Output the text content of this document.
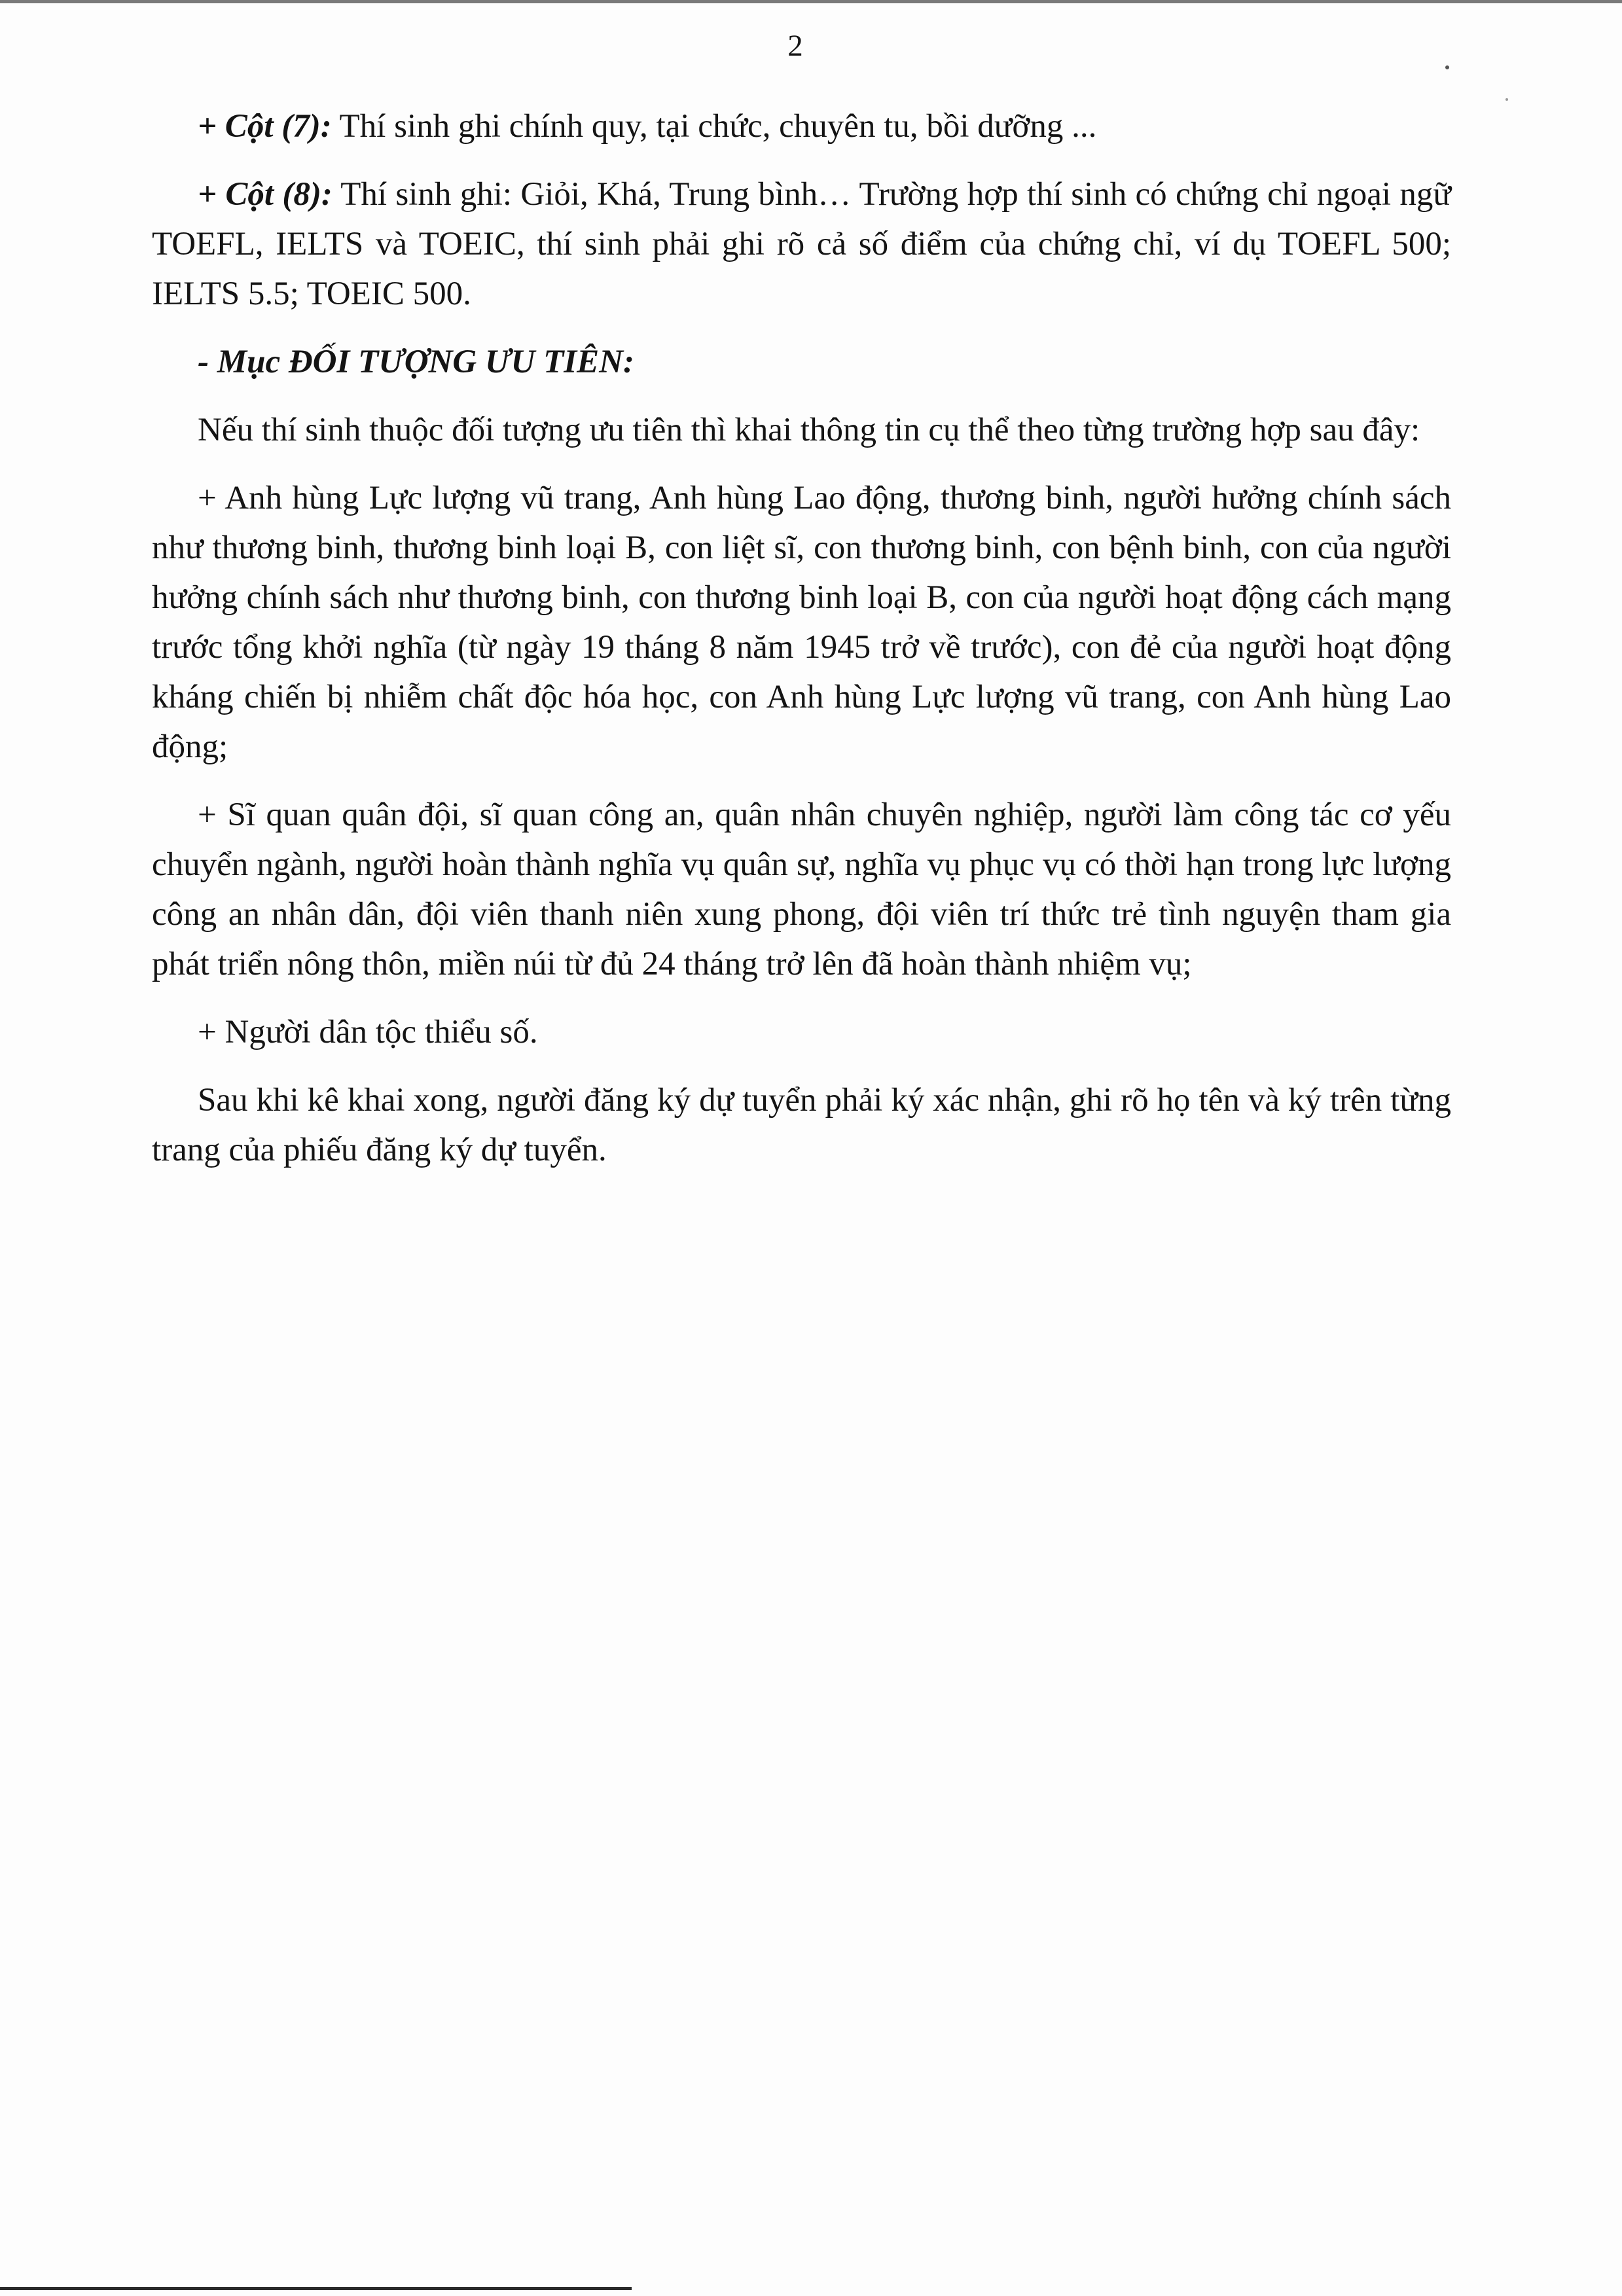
2

+ Cột (7): Thí sinh ghi chính quy, tại chức, chuyên tu, bồi dưỡng ...

+ Cột (8): Thí sinh ghi: Giỏi, Khá, Trung bình… Trường hợp thí sinh có chứng chỉ ngoại ngữ TOEFL, IELTS và TOEIC, thí sinh phải ghi rõ cả số điểm của chứng chỉ, ví dụ TOEFL 500; IELTS 5.5; TOEIC 500.

- Mục ĐỐI TƯỢNG ƯU TIÊN:

Nếu thí sinh thuộc đối tượng ưu tiên thì khai thông tin cụ thể theo từng trường hợp sau đây:

+ Anh hùng Lực lượng vũ trang, Anh hùng Lao động, thương binh, người hưởng chính sách như thương binh, thương binh loại B, con liệt sĩ, con thương binh, con bệnh binh, con của người hưởng chính sách như thương binh, con thương binh loại B, con của người hoạt động cách mạng trước tổng khởi nghĩa (từ ngày 19 tháng 8 năm 1945 trở về trước), con đẻ của người hoạt động kháng chiến bị nhiễm chất độc hóa học, con Anh hùng Lực lượng vũ trang, con Anh hùng Lao động;

+ Sĩ quan quân đội, sĩ quan công an, quân nhân chuyên nghiệp, người làm công tác cơ yếu chuyển ngành, người hoàn thành nghĩa vụ quân sự, nghĩa vụ phục vụ có thời hạn trong lực lượng công an nhân dân, đội viên thanh niên xung phong, đội viên trí thức trẻ tình nguyện tham gia phát triển nông thôn, miền núi từ đủ 24 tháng trở lên đã hoàn thành nhiệm vụ;

+ Người dân tộc thiểu số.

Sau khi kê khai xong, người đăng ký dự tuyển phải ký xác nhận, ghi rõ họ tên và ký trên từng trang của phiếu đăng ký dự tuyển.
